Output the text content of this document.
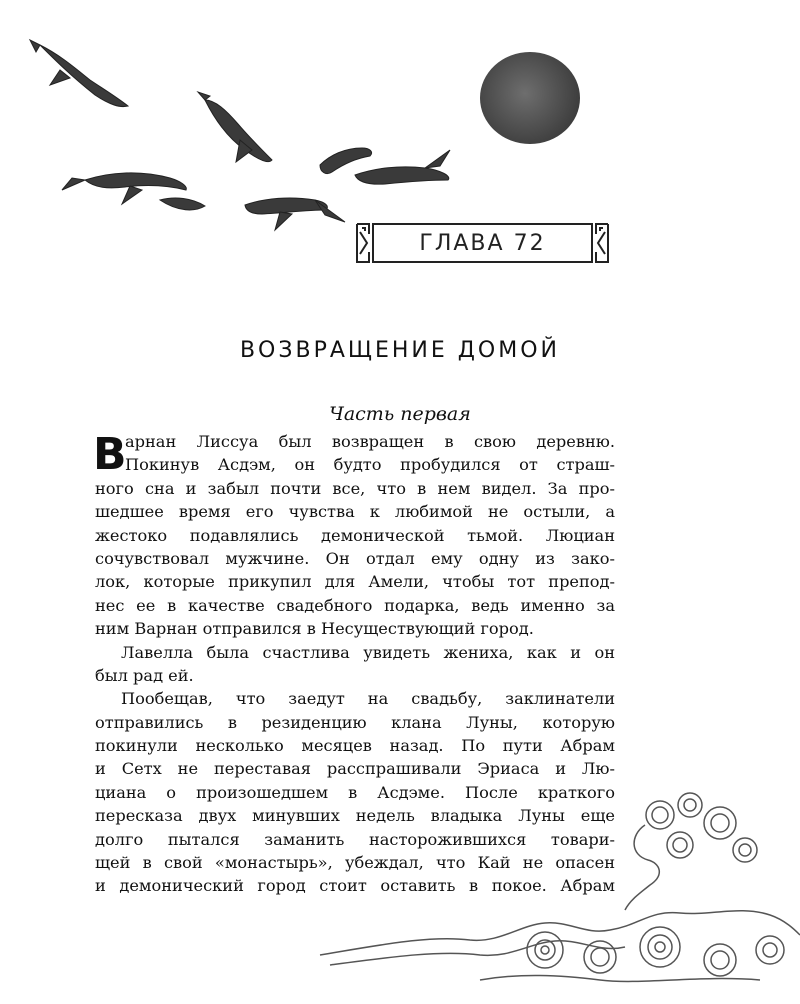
ГЛАВА 72
ВОЗВРАЩЕНИЕ ДОМОЙ
Часть первая
В
арнан Лиссуа был возвращен в свою деревню.
Покинув Асдэм, он будто пробудился от страш-
ного сна и забыл почти все, что в нем видел. За про-
шедшее время его чувства к любимой не остыли, а
жестоко подавлялись демонической тьмой. Люциан
сочувствовал мужчине. Он отдал ему одну из зако-
лок, которые прикупил для Амели, чтобы тот препод-
нес ее в качестве свадебного подарка, ведь именно за
ним Варнан отправился в Несуществующий город.
Лавелла была счастлива увидеть жениха, как и он
был рад ей.
Пообещав, что заедут на свадьбу, заклинатели
отправились в резиденцию клана Луны, которую
покинули несколько месяцев назад. По пути Абрам
и Сетх не переставая расспрашивали Эриаса и Лю-
циана о произошедшем в Асдэме. После краткого
пересказа двух минувших недель владыка Луны еще
долго пытался заманить насторожившихся товари-
щей в свой «монастырь», убеждал, что Кай не опасен
и демонический город стоит оставить в покое. Абрам
